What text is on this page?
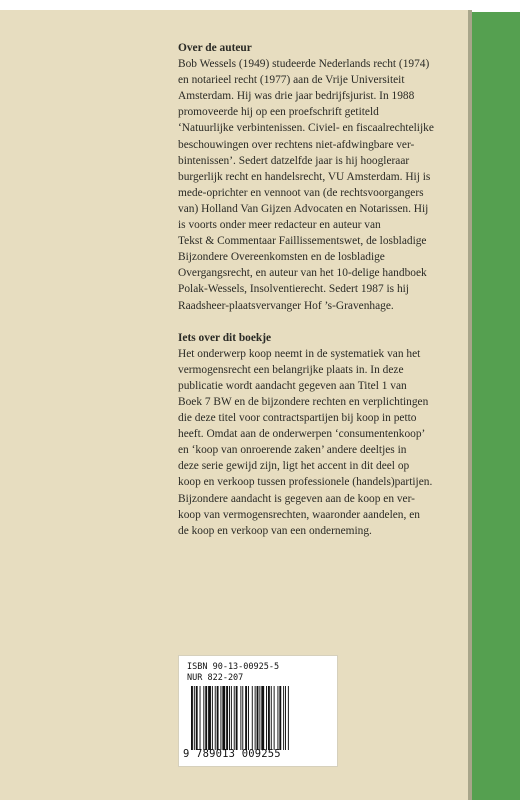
Over de auteur

Bob Wessels (1949) studeerde Nederlands recht (1974)
en notarieel recht (1977) aan de Vrije Universiteit
Amsterdam. Hij was drie jaar bedrijfsjurist. In 1988
promoveerde hij op een proefschrift getiteld
‘Natuurlijke verbintenissen. Civiel- en fiscaalrechtelijke
beschouwingen over rechtens niet-afdwingbare ver-
bintenissen’. Sedert datzelfde jaar is hij hoogleraar
burgerlijk recht en handelsrecht, VU Amsterdam. Hij is
mede-oprichter en vennoot van (de rechtsvoorgangers
van) Holland Van Gijzen Advocaten en Notarissen. Hij
is voorts onder meer redacteur en auteur van
Tekst & Commentaar Faillissementswet, de losbladige
Bijzondere Overeenkomsten en de losbladige
Overgangsrecht, en auteur van het 10-delige handboek
Polak-Wessels, Insolventierecht. Sedert 1987 is hij
Raadsheer-plaatsvervanger Hof ’s-Gravenhage.

Iets over dit boekje

Het onderwerp koop neemt in de systematiek van het
vermogensrecht een belangrijke plaats in. In deze
publicatie wordt aandacht gegeven aan Titel 1 van
Boek 7 BW en de bijzondere rechten en verplichtingen
die deze titel voor contractspartijen bij koop in petto
heeft. Omdat aan de onderwerpen ‘consumentenkoop’
en ‘koop van onroerende zaken’ andere deeltjes in
deze serie gewijd zijn, ligt het accent in dit deel op
koop en verkoop tussen professionele (handels)partijen.
Bijzondere aandacht is gegeven aan de koop en ver-
koop van vermogensrechten, waaronder aandelen, en
de koop en verkoop van een onderneming.

ISBN 90-13-00925-5
NUR 822-207
9 789013 009255
